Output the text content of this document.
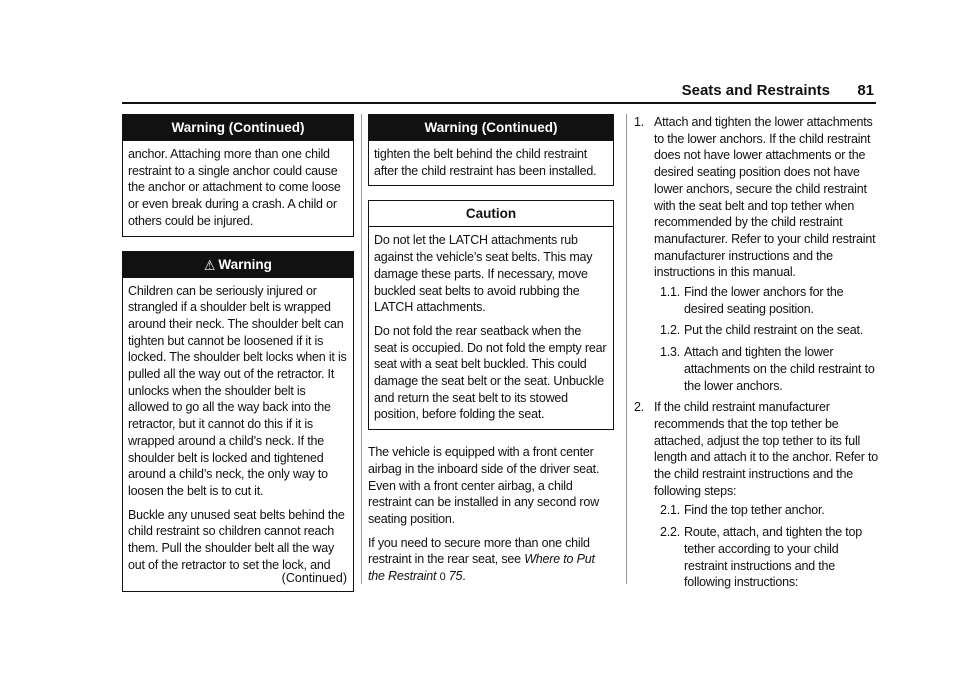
Seats and Restraints 81
Warning (Continued)

anchor. Attaching more than one child restraint to a single anchor could cause the anchor or attachment to come loose or even break during a crash. A child or others could be injured.

⚠ Warning

Children can be seriously injured or strangled if a shoulder belt is wrapped around their neck. The shoulder belt can tighten but cannot be loosened if it is locked. The shoulder belt locks when it is pulled all the way out of the retractor. It unlocks when the shoulder belt is allowed to go all the way back into the retractor, but it cannot do this if it is wrapped around a child’s neck. If the shoulder belt is locked and tightened around a child’s neck, the only way to loosen the belt is to cut it.

Buckle any unused seat belts behind the child restraint so children cannot reach them. Pull the shoulder belt all the way out of the retractor to set the lock, and

(Continued)
Warning (Continued)

tighten the belt behind the child restraint after the child restraint has been installed.

Caution

Do not let the LATCH attachments rub against the vehicle’s seat belts. This may damage these parts. If necessary, move buckled seat belts to avoid rubbing the LATCH attachments.

Do not fold the rear seatback when the seat is occupied. Do not fold the empty rear seat with a seat belt buckled. This could damage the seat belt or the seat. Unbuckle and return the seat belt to its stowed position, before folding the seat.

The vehicle is equipped with a front center airbag in the inboard side of the driver seat. Even with a front center airbag, a child restraint can be installed in any second row seating position.

If you need to secure more than one child restraint in the rear seat, see Where to Put the Restraint 0 75.

1. Attach and tighten the lower attachments to the lower anchors. If the child restraint does not have lower attachments or the desired seating position does not have lower anchors, secure the child restraint with the seat belt and top tether when recommended by the child restraint manufacturer. Refer to your child restraint manufacturer instructions and the instructions in this manual.
1.1. Find the lower anchors for the desired seating position.
1.2. Put the child restraint on the seat.
1.3. Attach and tighten the lower attachments on the child restraint to the lower anchors.
2. If the child restraint manufacturer recommends that the top tether be attached, adjust the top tether to its full length and attach it to the anchor. Refer to the child restraint instructions and the following steps:
2.1. Find the top tether anchor.
2.2. Route, attach, and tighten the top tether according to your child restraint instructions and the following instructions:
